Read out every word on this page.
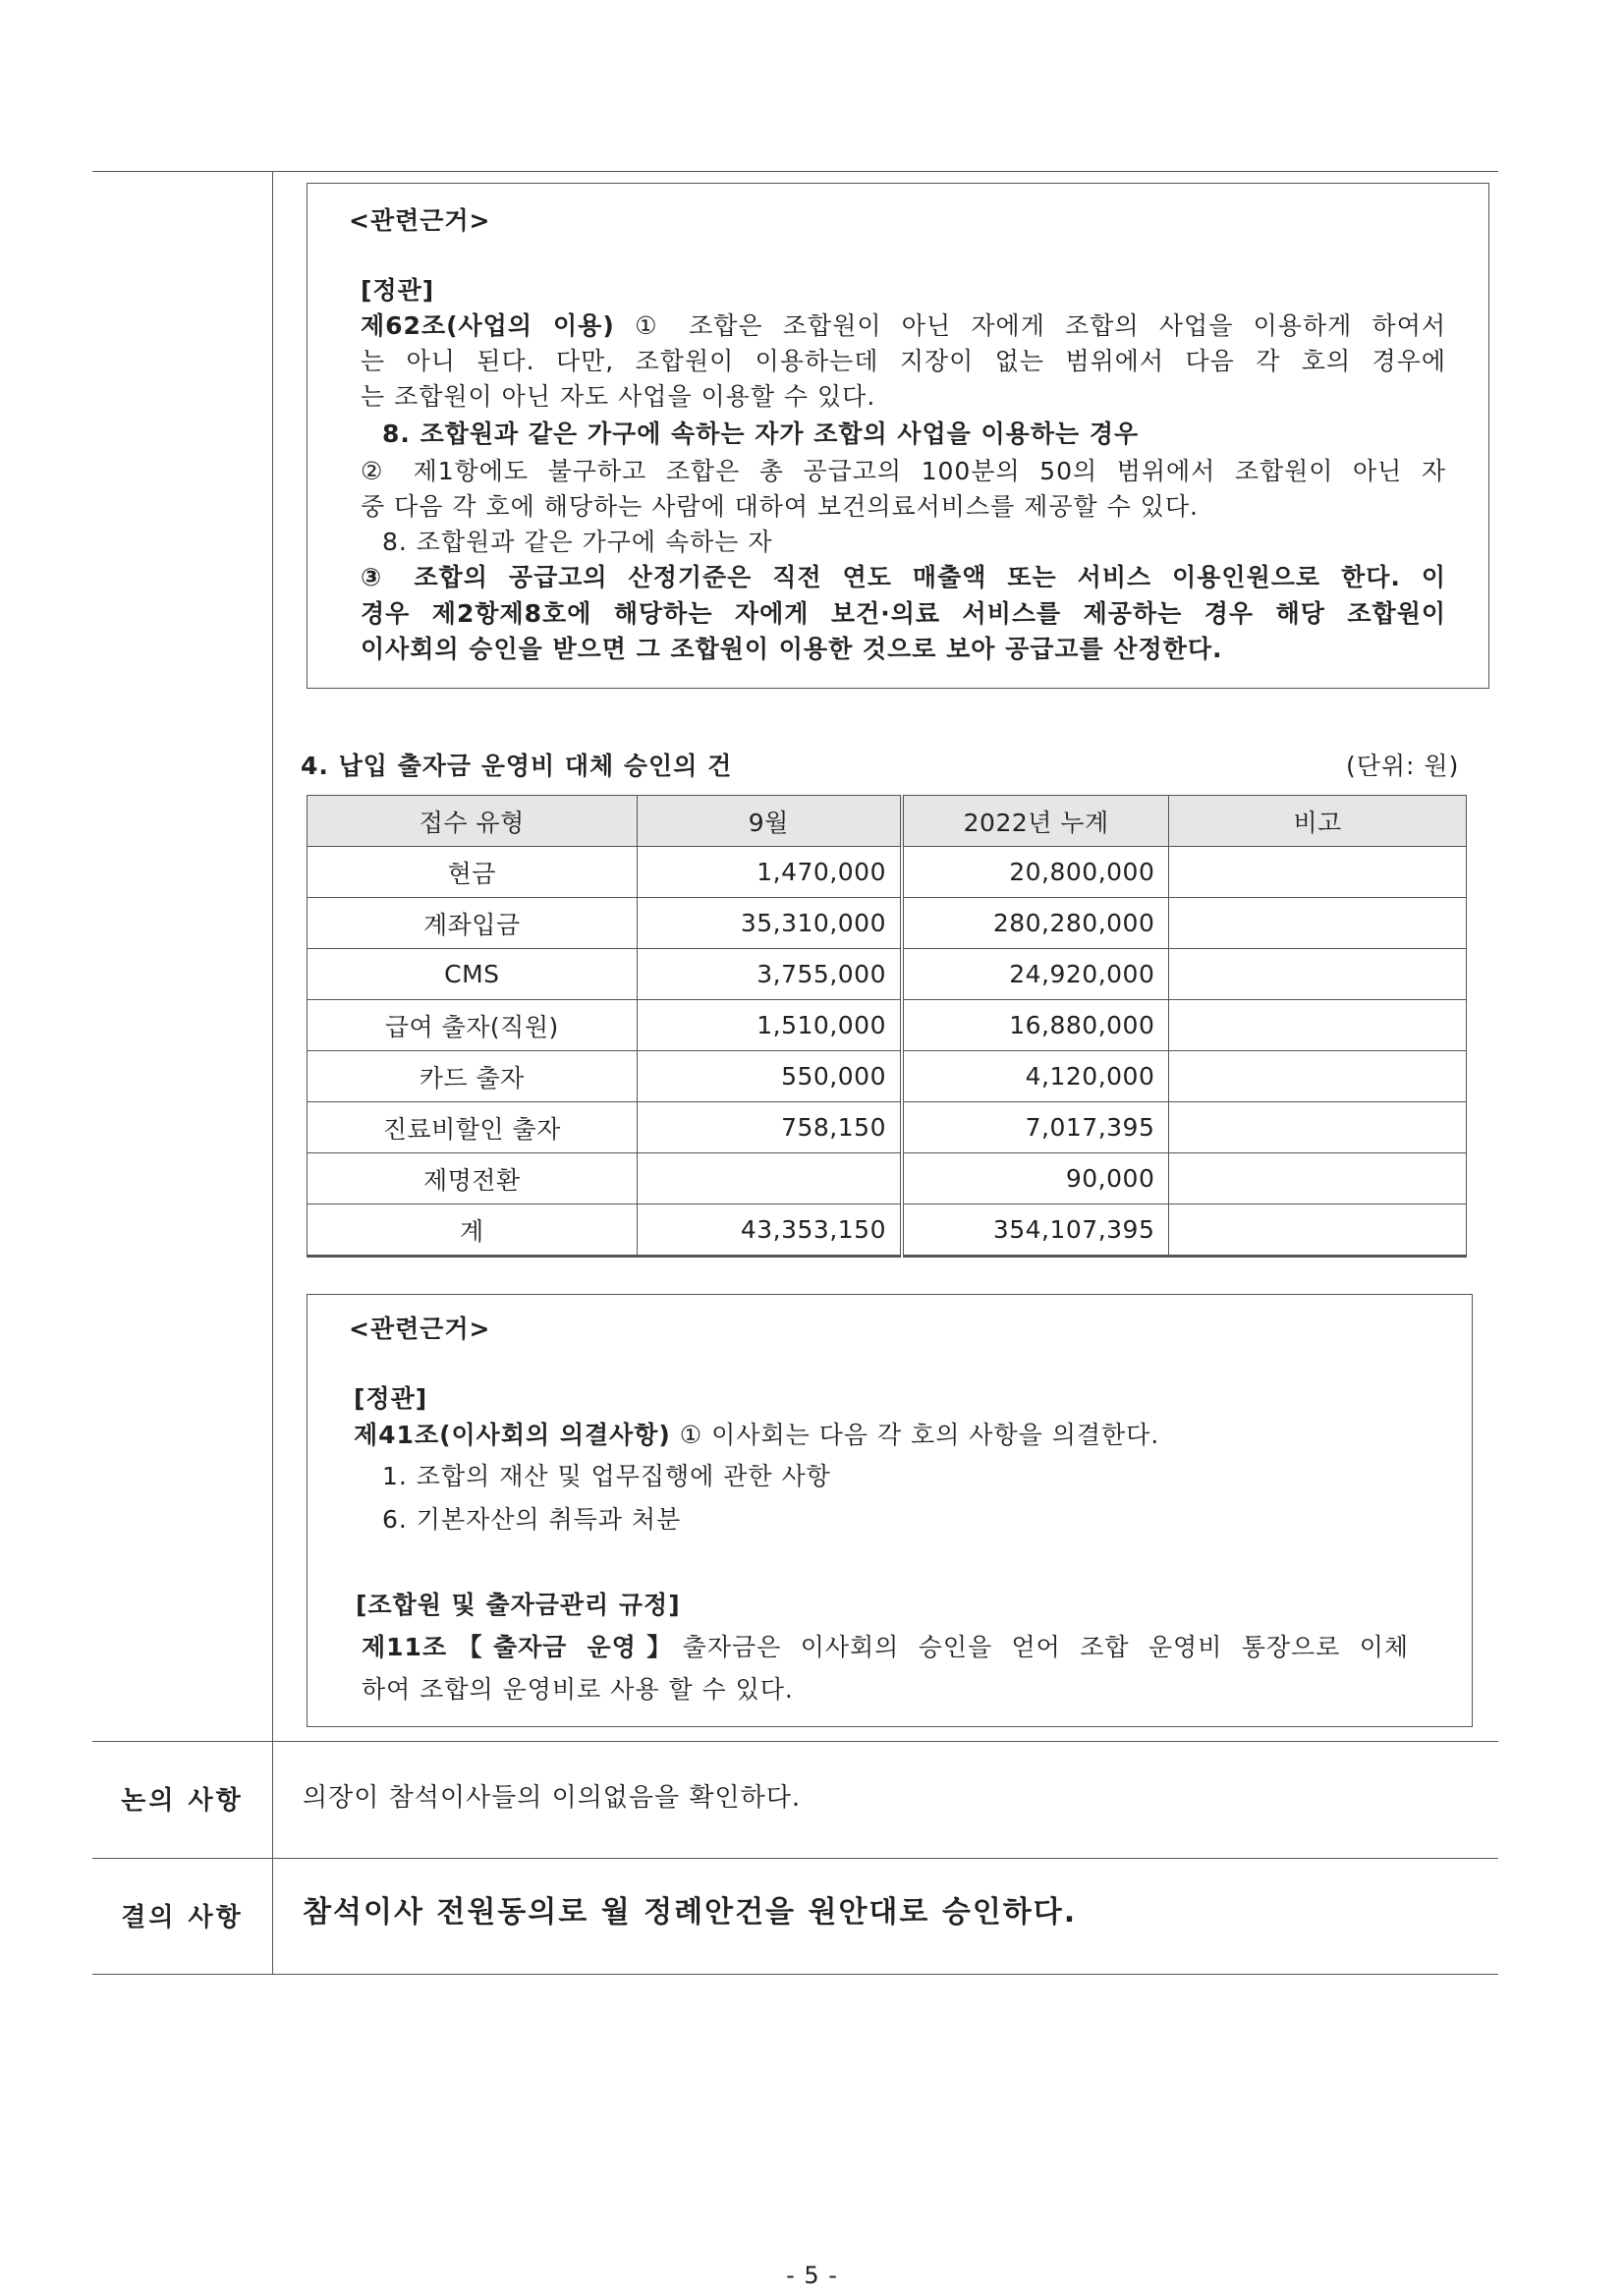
<관련근거>
[정관]
제62조(사업의 이용) ① 조합은 조합원이 아닌 자에게 조합의 사업을 이용하게 하여서
는 아니 된다. 다만, 조합원이 이용하는데 지장이 없는 범위에서 다음 각 호의 경우에
는 조합원이 아닌 자도 사업을 이용할 수 있다.
8. 조합원과 같은 가구에 속하는 자가 조합의 사업을 이용하는 경우
② 제1항에도 불구하고 조합은 총 공급고의 100분의 50의 범위에서 조합원이 아닌 자
중 다음 각 호에 해당하는 사람에 대하여 보건의료서비스를 제공할 수 있다.
8. 조합원과 같은 가구에 속하는 자
③ 조합의 공급고의 산정기준은 직전 연도 매출액 또는 서비스 이용인원으로 한다. 이
경우 제2항제8호에 해당하는 자에게 보건·의료 서비스를 제공하는 경우 해당 조합원이
이사회의 승인을 받으면 그 조합원이 이용한 것으로 보아 공급고를 산정한다.
4. 납입 출자금 운영비 대체 승인의 건	(단위: 원)
접수 유형	9월	2022년 누계	비고
현금	1,470,000	20,800,000	
계좌입금	35,310,000	280,280,000	
CMS	3,755,000	24,920,000	
급여 출자(직원)	1,510,000	16,880,000	
카드 출자	550,000	4,120,000	
진료비할인 출자	758,150	7,017,395	
제명전환		90,000	
계	43,353,150	354,107,395	
<관련근거>
[정관]
제41조(이사회의 의결사항) ① 이사회는 다음 각 호의 사항을 의결한다.
1. 조합의 재산 및 업무집행에 관한 사항
6. 기본자산의 취득과 처분
[조합원 및 출자금관리 규정]
제11조【출자금 운영】출자금은 이사회의 승인을 얻어 조합 운영비 통장으로 이체
하여 조합의 운영비로 사용 할 수 있다.
논의 사항	의장이 참석이사들의 이의없음을 확인하다.
결의 사항	참석이사 전원동의로 월 정례안건을 원안대로 승인하다.
- 5 -
